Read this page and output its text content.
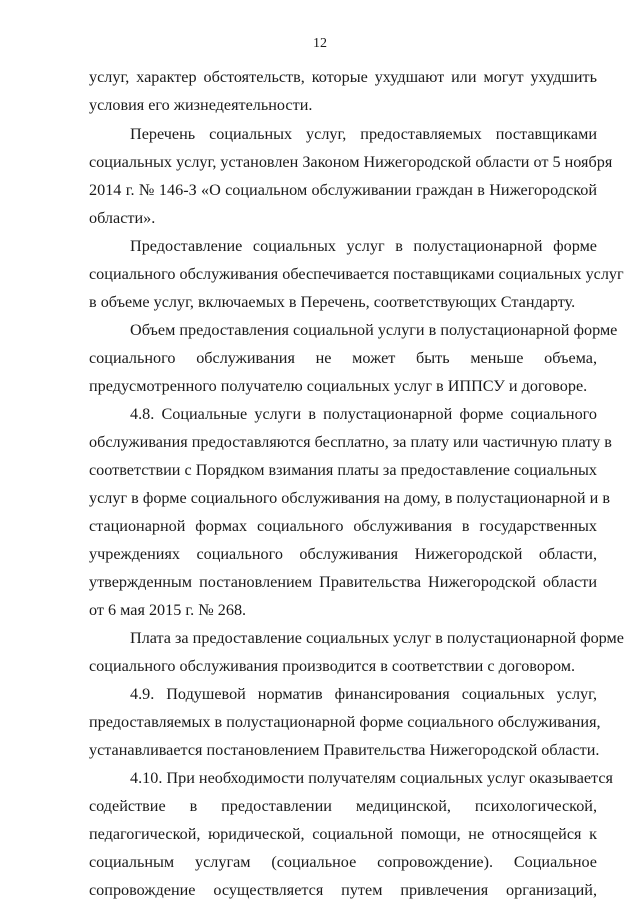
12
услуг, характер обстоятельств, которые ухудшают или могут ухудшить
условия его жизнедеятельности.
Перечень социальных услуг, предоставляемых поставщиками
социальных услуг, установлен Законом Нижегородской области от 5 ноября
2014 г. № 146-З «О социальном обслуживании граждан в Нижегородской
области».
Предоставление социальных услуг в полустационарной форме
социального обслуживания обеспечивается поставщиками социальных услуг
в объеме услуг, включаемых в Перечень, соответствующих Стандарту.
Объем предоставления социальной услуги в полустационарной форме
социального обслуживания не может быть меньше объема,
предусмотренного получателю социальных услуг в ИППСУ и договоре.
4.8. Социальные услуги в полустационарной форме социального
обслуживания предоставляются бесплатно, за плату или частичную плату в
соответствии с Порядком взимания платы за предоставление социальных
услуг в форме социального обслуживания на дому, в полустационарной и в
стационарной формах социального обслуживания в государственных
учреждениях социального обслуживания Нижегородской области,
утвержденным постановлением Правительства Нижегородской области
от 6 мая 2015 г. № 268.
Плата за предоставление социальных услуг в полустационарной форме
социального обслуживания производится в соответствии с договором.
4.9. Подушевой норматив финансирования социальных услуг,
предоставляемых в полустационарной форме социального обслуживания,
устанавливается постановлением Правительства Нижегородской области.
4.10. При необходимости получателям социальных услуг оказывается
содействие в предоставлении медицинской, психологической,
педагогической, юридической, социальной помощи, не относящейся к
социальным услугам (социальное сопровождение). Социальное
сопровождение осуществляется путем привлечения организаций,
